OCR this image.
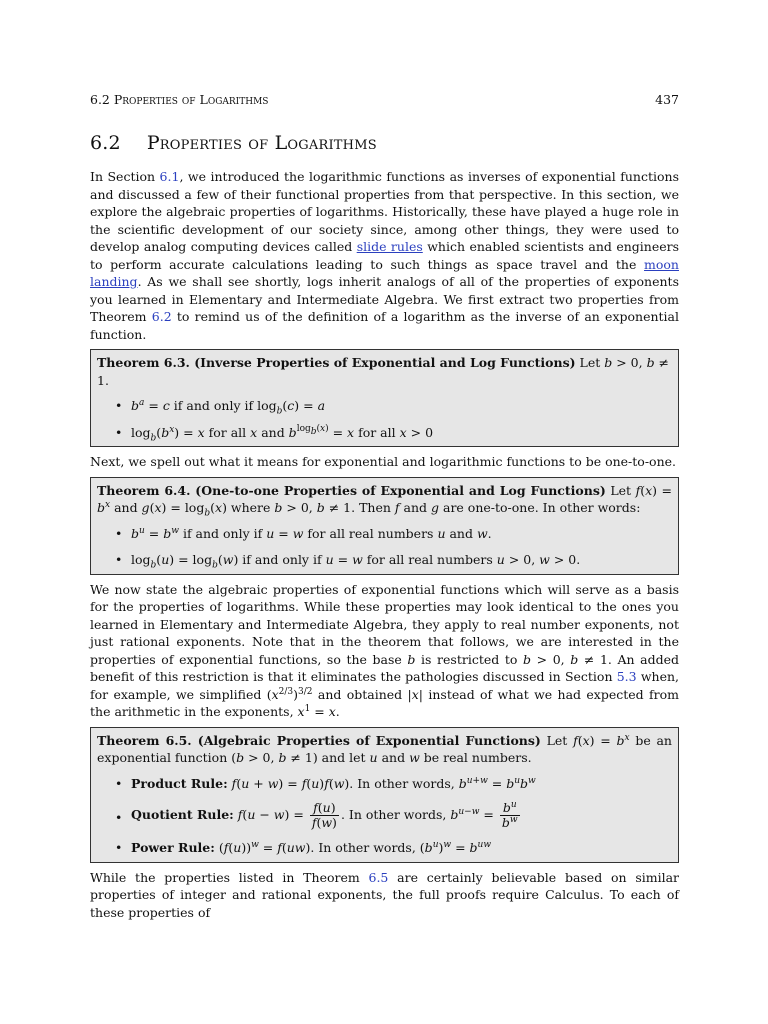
6.2 Properties of Logarithms	437
6.2 Properties of Logarithms

In Section 6.1, we introduced the logarithmic functions as inverses of exponential functions and discussed a few of their functional properties from that perspective. In this section, we explore the algebraic properties of logarithms. Historically, these have played a huge role in the scientific development of our society since, among other things, they were used to develop analog computing devices called slide rules which enabled scientists and engineers to perform accurate calculations leading to such things as space travel and the moon landing. As we shall see shortly, logs inherit analogs of all of the properties of exponents you learned in Elementary and Intermediate Algebra. We first extract two properties from Theorem 6.2 to remind us of the definition of a logarithm as the inverse of an exponential function.

Theorem 6.3. (Inverse Properties of Exponential and Log Functions) Let b > 0, b ≠ 1.
• $b^a = c$ if and only if $\log_b(c) = a$
• $\log_b(b^x) = x$ for all x and $b^{log_b(x)} = x$ for all x > 0

Next, we spell out what it means for exponential and logarithmic functions to be one-to-one.

Theorem 6.4. (One-to-one Properties of Exponential and Log Functions) Let $f(x) = b^x$ and $g(x) = \log_b(x)$ where b > 0, b ≠ 1. Then f and g are one-to-one. In other words:

• $b^u = b^w$ if and only if u = w for all real numbers u and w.
• $\log_b(u) = \log_b(w)$ if and only if u = w for all real numbers u > 0, w > 0.

We now state the algebraic properties of exponential functions which will serve as a basis for the properties of logarithms. While these properties may look identical to the ones you learned in Elementary and Intermediate Algebra, they apply to real number exponents, not just rational exponents. Note that in the theorem that follows, we are interested in the properties of exponential functions, so the base b is restricted to b > 0, b ≠ 1. An added benefit of this restriction is that it eliminates the pathologies discussed in Section 5.3 when, for example, we simplified $(x^{2/3})^{3/2}$ and obtained |x| instead of what we had expected from the arithmetic in the exponents, $x^1 = x$.

Theorem 6.5. (Algebraic Properties of Exponential Functions) Let $f(x) = b^x$ be an exponential function (b > 0, b ≠ 1) and let u and w be real numbers.

• Product Rule: f(u + w) = f(u)f(w). In other words, $b^{u+w} = b^ub^w$
• Quotient Rule: $f(u - w) = \frac{f(u)}{f(w)}$ . In other words, $b^{u-w} = \frac{b^u}{b^w}$
• Power Rule: $(f(u))^w = f(uw)$. In other words, $(b^u)^w = b^{uw}$

While the properties listed in Theorem 6.5 are certainly believable based on similar properties of integer and rational exponents, the full proofs require Calculus. To each of these properties of
